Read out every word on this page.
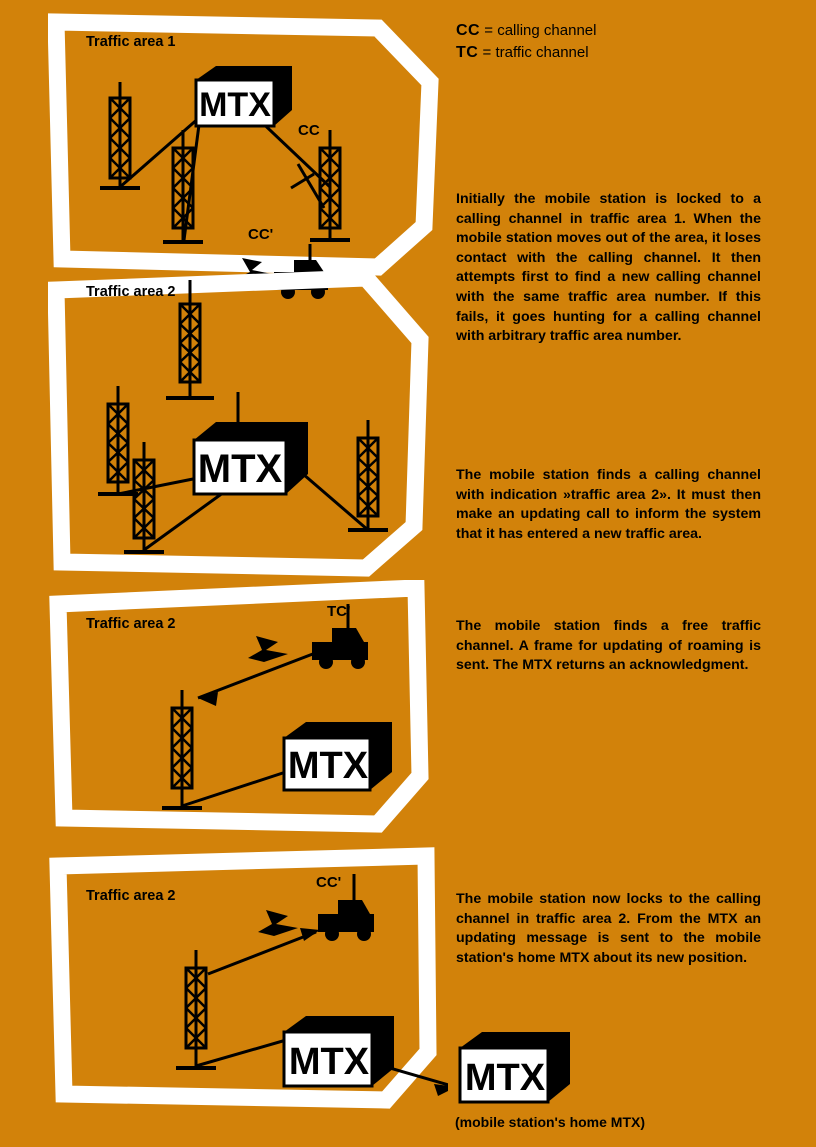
CC = calling channel
TC = traffic channel
Initially the mobile station is locked to a calling channel in traffic area 1. When the mobile station moves out of the area, it loses contact with the calling channel. It then attempts first to find a new calling channel with the same traffic area number. If this fails, it goes hunting for a calling channel with arbitrary traffic area number.
The mobile station finds a calling channel with indication »traffic area 2». It must then make an updating call to inform the system that it has entered a new traffic area.
The mobile station finds a free traffic channel. A frame for updating of roaming is sent. The MTX returns an acknowledgment.
The mobile station now locks to the calling channel in traffic area 2. From the MTX an updating message is sent to the mobile station's home MTX about its new position.
Traffic area 1
MTX
CC
CC'
Traffic area 2
MTX
Traffic area 2
TC'
MTX
Traffic area 2
CC'
MTX	MTX
(mobile station's home MTX)
